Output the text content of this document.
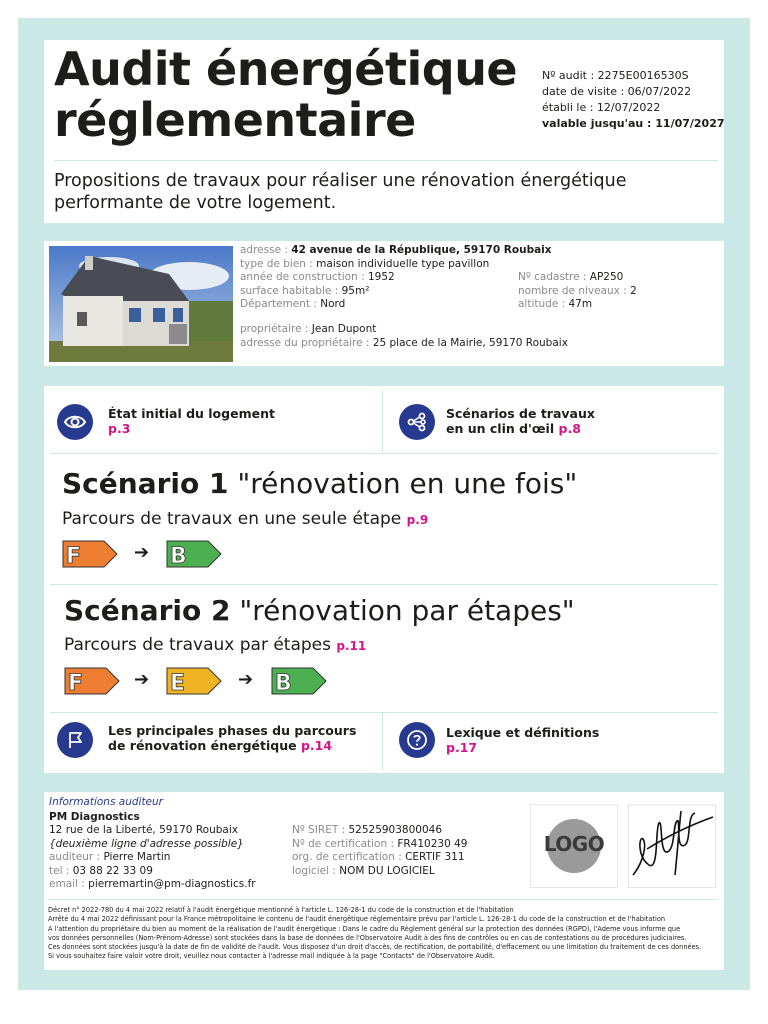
Audit énergétique
réglementaire
Nº audit : 2275E0016530S
date de visite : 06/07/2022
établi le : 12/07/2022
valable jusqu'au : 11/07/2027
Propositions de travaux pour réaliser une rénovation énergétique performante de votre logement.
adresse : 42 avenue de la République, 59170 Roubaix
type de bien : maison individuelle type pavillon
année de construction : 1952	Nº cadastre : AP250
surface habitable : 95m²	nombre de niveaux : 2
Département : Nord	altitude : 47m
propriétaire : Jean Dupont
adresse du propriétaire : 25 place de la Mairie, 59170 Roubaix
État initial du logement
p.3
Scénarios de travaux
en un clin d'œil p.8
Scénario 1 "rénovation en une fois"
Parcours de travaux en une seule étape p.9
F	➔ B
Scénario 2 "rénovation par étapes"
Parcours de travaux par étapes p.11
F	➔ E	➔ B
Les principales phases du parcours
de rénovation énergétique p.14
Lexique et définitions
p.17
Informations auditeur
PM Diagnostics
12 rue de la Liberté, 59170 Roubaix
{deuxième ligne d'adresse possible}
auditeur : Pierre Martin
tel : 03 88 22 33 09
email : pierremartin@pm-diagnostics.fr
Nº SIRET : 52525903800046
Nº de certification : FR410230 49
org. de certification : CERTIF 311
logiciel : NOM DU LOGICIEL
LOGO
Décret n° 2022-780 du 4 mai 2022 relatif à l'audit énergétique mentionné à l'article L. 126-28-1 du code de la construction et de l'habitation
Arrêté du 4 mai 2022 définissant pour la France métropolitaine le contenu de l'audit énergétique réglementaire prévu par l'article L. 126-28-1 du code de la construction et de l'habitation
A l'attention du propriétaire du bien au moment de la réalisation de l'audit énergétique : Dans le cadre du Règlement général sur la protection des données (RGPD), l'Ademe vous informe que
vos données personnelles (Nom-Prénom-Adresse) sont stockées dans la base de données de l'Observatoire Audit à des fins de contrôles ou en cas de contestations ou de procédures judiciaires.
Ces données sont stockées jusqu'à la date de fin de validité de l'audit. Vous disposez d'un droit d'accès, de rectification, de portabilité, d'effacement ou une limitation du traitement de ces données.
Si vous souhaitez faire valoir votre droit, veuillez nous contacter à l'adresse mail indiquée à la page "Contacts" de l'Observatoire Audit.
